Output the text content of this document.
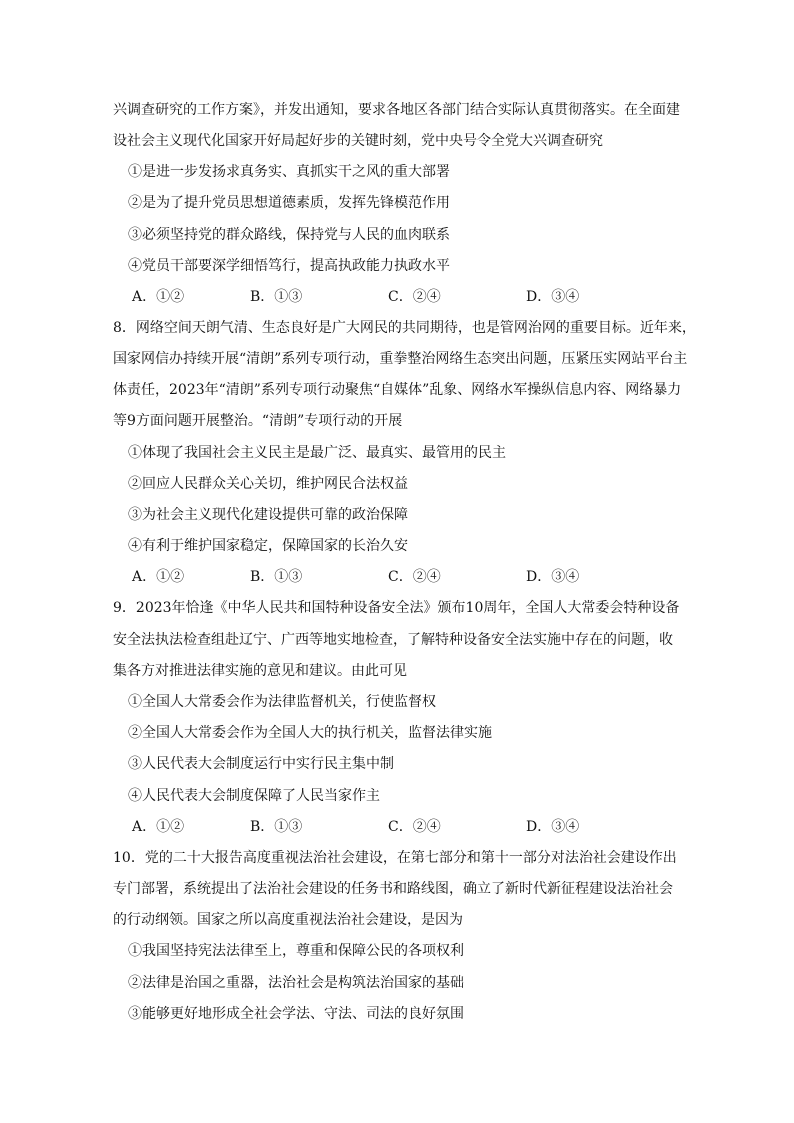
兴调查研究的工作方案》，并发出通知，要求各地区各部门结合实际认真贯彻落实。在全面建
设社会主义现代化国家开好局起好步的关键时刻，党中央号令全党大兴调查研究
①是进一步发扬求真务实、真抓实干之风的重大部署
②是为了提升党员思想道德素质，发挥先锋模范作用
③必须坚持党的群众路线，保持党与人民的血肉联系
④党员干部要深学细悟笃行，提高执政能力执政水平
A．①②	B．①③	C．②④	D．③④
8．网络空间天朗气清、生态良好是广大网民的共同期待，也是管网治网的重要目标。近年来，
国家网信办持续开展“清朗”系列专项行动，重拳整治网络生态突出问题，压紧压实网站平台主
体责任，2023年“清朗”系列专项行动聚焦“自媒体”乱象、网络水军操纵信息内容、网络暴力
等9方面问题开展整治。“清朗”专项行动的开展
①体现了我国社会主义民主是最广泛、最真实、最管用的民主
②回应人民群众关心关切，维护网民合法权益
③为社会主义现代化建设提供可靠的政治保障
④有利于维护国家稳定，保障国家的长治久安
A．①②	B．①③	C．②④	D．③④
9．2023年恰逢《中华人民共和国特种设备安全法》颁布10周年，全国人大常委会特种设备
安全法执法检查组赴辽宁、广西等地实地检查，了解特种设备安全法实施中存在的问题，收
集各方对推进法律实施的意见和建议。由此可见
①全国人大常委会作为法律监督机关，行使监督权
②全国人大常委会作为全国人大的执行机关，监督法律实施
③人民代表大会制度运行中实行民主集中制
④人民代表大会制度保障了人民当家作主
A．①②	B．①③	C．②④	D．③④
10．党的二十大报告高度重视法治社会建设，在第七部分和第十一部分对法治社会建设作出
专门部署，系统提出了法治社会建设的任务书和路线图，确立了新时代新征程建设法治社会
的行动纲领。国家之所以高度重视法治社会建设，是因为
①我国坚持宪法法律至上，尊重和保障公民的各项权利
②法律是治国之重器，法治社会是构筑法治国家的基础
③能够更好地形成全社会学法、守法、司法的良好氛围
